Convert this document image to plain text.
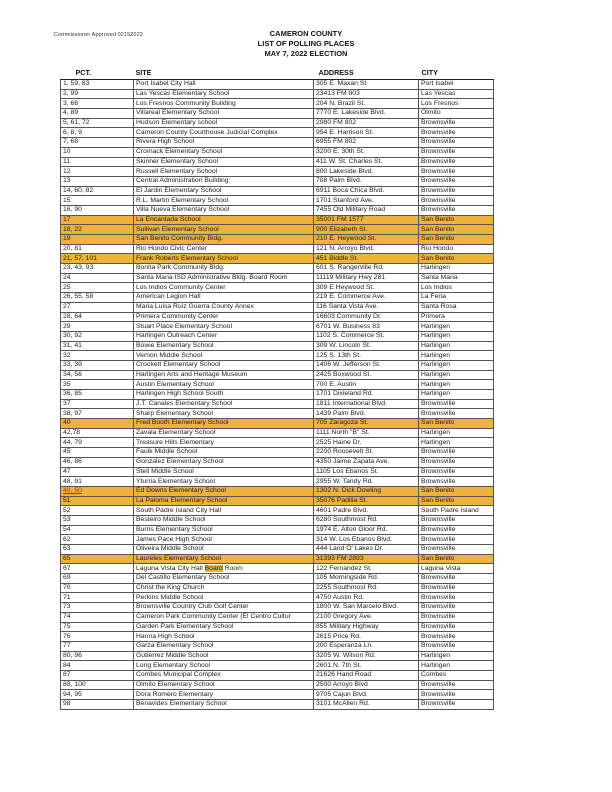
Commissioner Approved 02152022	CAMERON COUNTY
LIST OF POLLING PLACES
MAY 7, 2022 ELECTION
PCT.	SITE	ADDRESS	CITY
1, 59, 83	Port Isabel City Hall	305 E. Maxan St	Port Isabel
2, 99	Las Yescas Elementary School	23413 FM 803	Las Yescas
3, 66	Los Fresnos Community Building	204 N. Brazil St.	Los Fresnos
4, 89	Villareal Elementary School	7770 E. Lakeside Blvd.	Olmito
5, 61, 72	Hudson Elementary school	2980 FM 802	Brownsville
6, 8, 9	Cameron County Courthouse Judicial Complex	954 E. Harrison St.	Brownsville
7, 68	Rivera High School	6955 FM 802	Brownsville
10	Cromack Elementary School	3200 E. 30th St.	Brownsville
11	Skinner Elementary School	411 W. St. Charles St.	Brownsville
12	Russell Elementary School	800 Lakeside Blvd.	Brownsville
13	Central Administration Building	708 Palm Blvd.	Brownsville
14, 60, 82	El Jardin Elementary School	6911 Boca Chica Blvd.	Brownsville
15	R.L. Martin Elementary School	1701 Stanford Ave.	Brownsville
16, 90	Villa Nueva Elementary School	7455 Old Military Road	Brownsville
17	La Encantada School	35001 FM 1577	San Benito
18, 22	Sullivan Elementary School	900 Elizabeth St.	San Benito
19	San Benito Community Bldg.	210 E. Heywood St.	San Benito
20, 81	Rio Hondo Civic Center	121 N. Arroyo Blvd.	Rio Hondo
21, 57, 101	Frank Roberts Elementary School	451 Biddle St.	San Benito
23, 43, 93	Bonita Park Community Bldg.	601 S. Rangerville Rd.	Harlingen
24	Santa Maria ISD Administrative Bldg. Board Room	11119 Military Hwy 281	Santa Maria
25	Los Indios Community Center	309 E Heywood St.	Los Indios
26, 55, 58	American Legion Hall	219 E. Commerce Ave.	La Feria
27	Maria Luisa Ruiz Guerra County Annex	116 Santa Vista Ave.	Santa Rosa
28, 64	Primera Community Center	16603 Community Dr.	Primera
29	Stuart Place Elementary School	6701 W. Business 83	Harlingen
30, 92	Harlingen Outreach Center	1102 S. Commerce St.	Harlingen
31, 41	Bowie Elementary School	309 W. Lincoln St.	Harlingen
32	Vernon Middle School	125 S. 13th St.	Harlingen
33, 39	Crockett Elementary School	1406 W. Jefferson St.	Harlingen
34, 56	Harlingen Arts and Heritage Museum	2425 Boxwood St.	Harlingen
35	Austin Elementary School	700 E. Austin	Harlingen
36, 85	Harlingen High School South	1701 Dixieland Rd.	Harlingen
37	J.T. Canales Elementary School	1811 International Blvd.	Brownsville
38, 97	Sharp Elementary School	1439 Palm Blvd.	Brownsville
40	Fred Booth Elementary School	705 Zaragoza St.	San Benito
42,78	Zavala Elementary School	1111 North "B" St.	Harlingen
44, 79	Treasure Hills Elementary	2525 Haine Dr.	Harlingen
45	Faulk Middle School	2200 Roosevelt St.	Brownsville
46, 86	Gonzalez Elementary School	4350 Jaime Zapata Ave.	Brownsville
47	Stell Middle School	1105 Los Ebanos St.	Brownsville
48, 91	Yturria Elementary School	2955 W. Tandy Rd.	Brownsville
49, 50	Ed Downs Elementary School	1302 N. Dick Dowling	San Benito
51	La Paloma Elementary School	35076 Padilla St.	San Benito
52	South Padre Island City Hall	4601 Padre Blvd.	South Padre Island
53	Besteiro Middle School	6280 Southmost Rd.	Brownsville
54	Burns Elementary School	1974 E. Alton Gloor Rd.	Brownsville
62	James Pace High School	314 W. Los Ebanos Blvd.	Brownsville
63	Oliveira Middle School	444 Land O' Lakes Dr.	Brownsville
65	Laureles Elementary School	31393 FM 2893	San Benito
67	Laguna Vista City Hall Board Room	122 Fernandez St.	Laguna Vista
69	Del Castillo Elementary School	105 Morningside Rd.	Brownsville
70	Christ the King Church	2255 Southmost Rd.	Brownsville
71	Perkins Middle School	4750 Austin Rd.	Brownsville
73	Brownsville Country Club Golf Center	1800 W. San Marcelo Blvd.	Brownsville
74	Cameron Park Community Center (El Centro Cultur	2100 Gregory Ave.	Brownsville
75	Garden Park Elementary School	855 Military Highway	Brownsville
76	Hanna High School	2615 Price Rd.	Brownsville
77	Garza Elementary School	200 Esperanza Ln.	Brownsville
80, 96	Gutierrez Middle School	3205 W. Wilson Rd.	Harlingen
84	Long Elementary School	2601 N. 7th St.	Harlingen
87	Combes Municipal Complex	21626 Hand Road	Combes
88, 100	Olmito Elementary School	2500 Arroyo Blvd	Brownsville
94, 95	Dora Romero Elementary	9705 Cajun Blvd.	Brownsville
98	Benavides Elementary School	3101 McAllen Rd.	Brownsville
